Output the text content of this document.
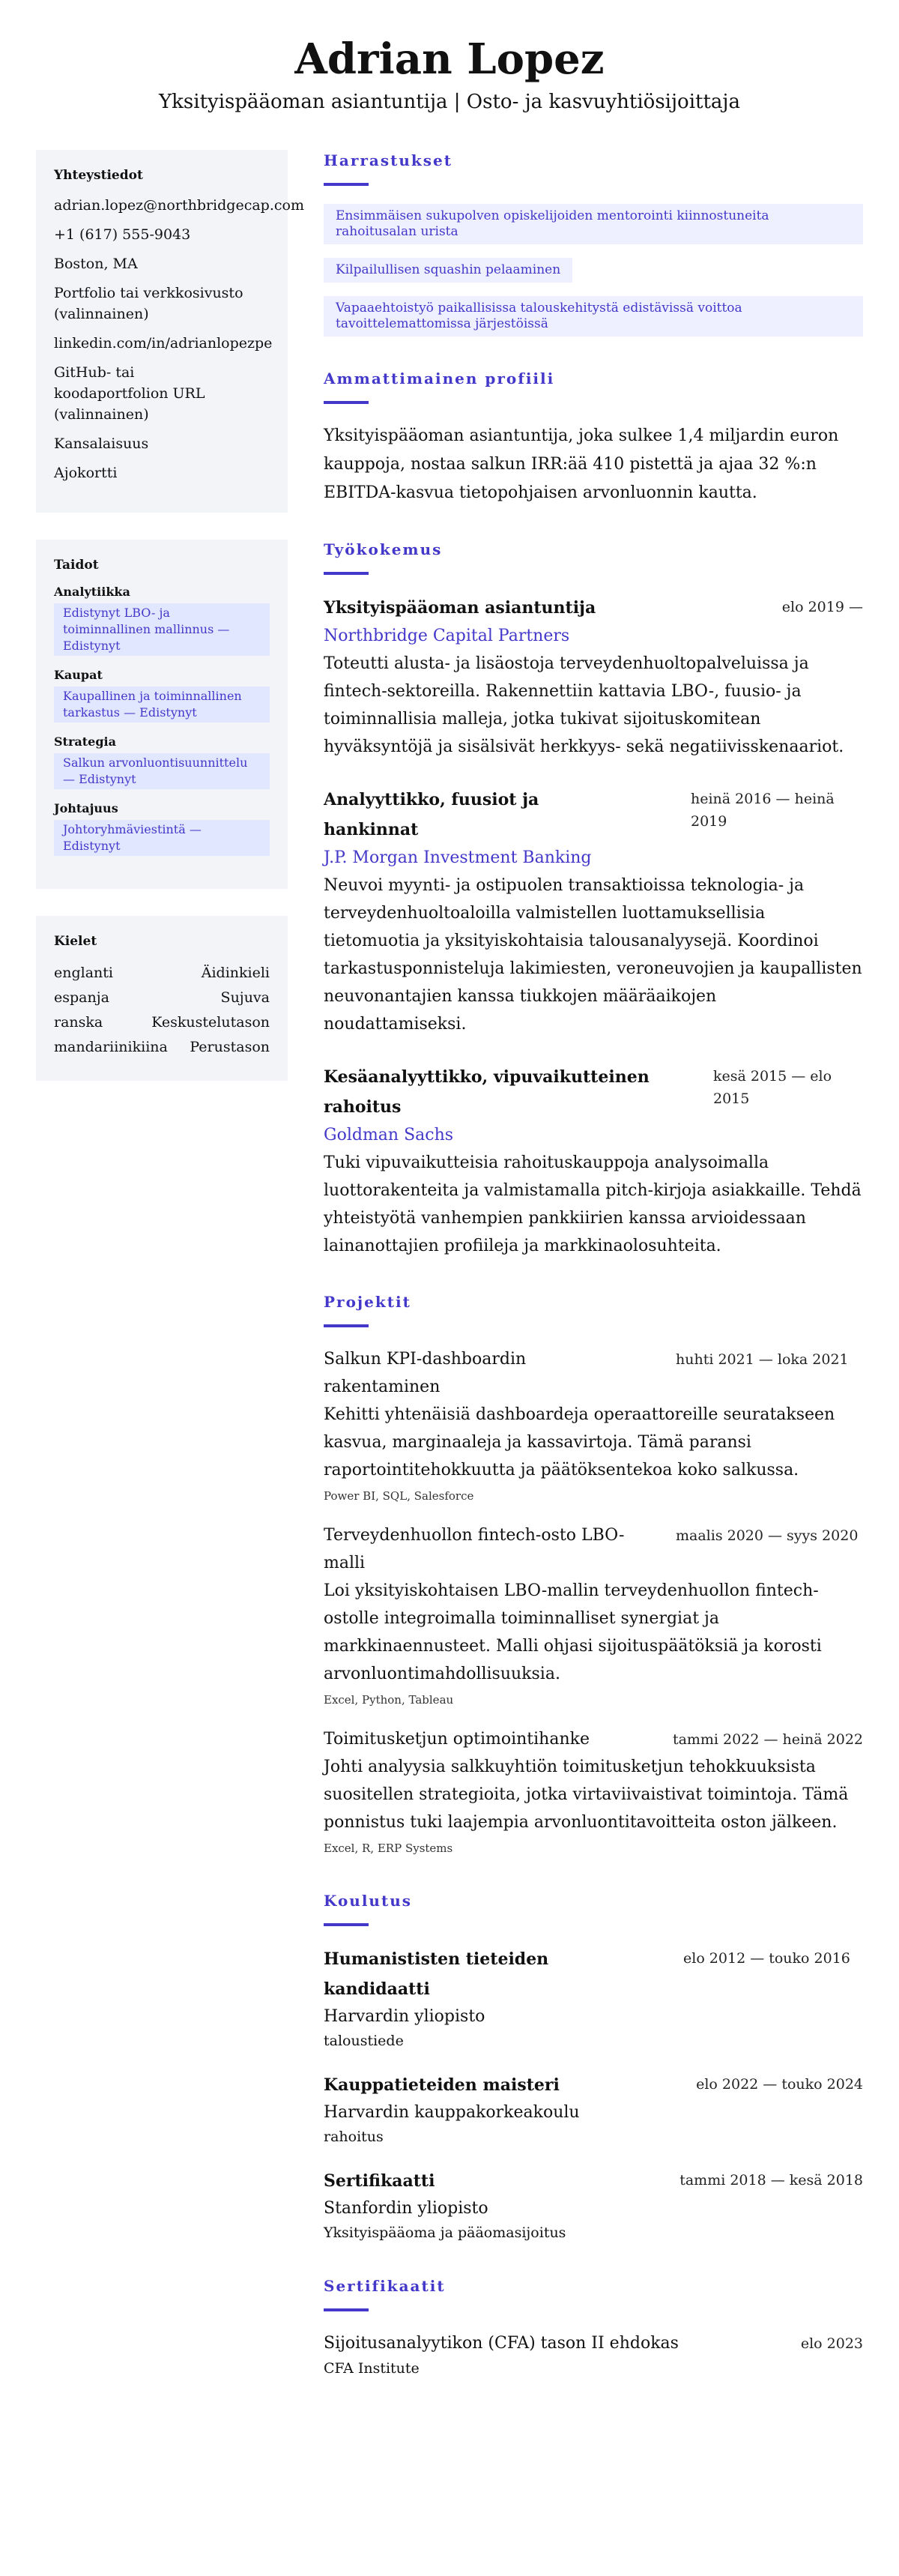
Adrian Lopez
Yksityispääoman asiantuntija | Osto- ja kasvuyhtiösijoittaja
Yhteystiedot
adrian.lopez@northbridgecap.com
+1 (617) 555-9043
Boston, MA
Portfolio tai verkkosivusto (valinnainen)
linkedin.com/in/adrianlopezpe
GitHub- tai koodaportfolion URL (valinnainen)
Kansalaisuus
Ajokortti
Taidot
Analytiikka
Edistynyt LBO- ja toiminnallinen mallinnus — Edistynyt
Kaupat
Kaupallinen ja toiminnallinen tarkastus — Edistynyt
Strategia
Salkun arvonluontisuunnittelu — Edistynyt
Johtajuus
Johtoryhmäviestintä — Edistynyt
Kielet
englanti	Äidinkieli
espanja	Sujuva
ranska	Keskustelutason
mandariinikiina Perustason
Harrastukset
Ensimmäisen sukupolven opiskelijoiden mentorointi kiinnostuneita rahoitusalan urista
Kilpailullisen squashin pelaaminen
Vapaaehtoistyö paikallisissa talouskehitystä edistävissä voittoa tavoittelemattomissa järjestöissä
Ammattimainen profiili

Yksityispääoman asiantuntija, joka sulkee 1,4 miljardin euron kauppoja, nostaa salkun IRR:ää 410 pistettä ja ajaa 32 %:n EBITDA-kasvua tietopohjaisen arvonluonnin kautta.

Työkokemus
Yksityispääoman asiantuntija	elo 2019 —
Northbridge Capital Partners

Toteutti alusta- ja lisäostoja terveydenhuoltopalveluissa ja fintech-sektoreilla. Rakennettiin kattavia LBO-, fuusio- ja toiminnallisia malleja, jotka tukivat sijoituskomitean hyväksyntöjä ja sisälsivät herkkyys- sekä negatiivisskenaariot.

Analyyttikko, fuusiot ja hankinnat
heinä 2016 — heinä 2019
J.P. Morgan Investment Banking

Neuvoi myynti- ja ostipuolen transaktioissa teknologia- ja terveydenhuoltoaloilla valmistellen luottamuksellisia tietomuotia ja yksityiskohtaisia talousanalyysejä. Koordinoi tarkastusponnisteluja lakimiesten, veroneuvojien ja kaupallisten neuvonantajien kanssa tiukkojen määräaikojen noudattamiseksi.

Kesäanalyyttikko, vipuvaikutteinen rahoitus
kesä 2015 — elo 2015
Goldman Sachs

Tuki vipuvaikutteisia rahoituskauppoja analysoimalla luottorakenteita ja valmistamalla pitch-kirjoja asiakkaille. Tehdä yhteistyötä vanhempien pankkiirien kanssa arvioidessaan lainanottajien profiileja ja markkinaolosuhteita.

Projektit
Salkun KPI-dashboardin rakentaminen
huhti 2021 — loka 2021

Kehitti yhtenäisiä dashboardeja operaattoreille seuratakseen kasvua, marginaaleja ja kassavirtoja. Tämä paransi raportointitehokkuutta ja päätöksentekoa koko salkussa.

Power BI, SQL, Salesforce
Terveydenhuollon fintech-osto LBO-malli
maalis 2020 — syys 2020

Loi yksityiskohtaisen LBO-mallin terveydenhuollon fintech-ostolle integroimalla toiminnalliset synergiat ja markkinaennusteet. Malli ohjasi sijoituspäätöksiä ja korosti arvonluontimahdollisuuksia.

Excel, Python, Tableau
Toimitusketjun optimointihanke	tammi 2022 — heinä 2022

Johti analyysia salkkuyhtiön toimitusketjun tehokkuuksista suositellen strategioita, jotka virtaviivaistivat toimintoja. Tämä ponnistus tuki laajempia arvonluontitavoitteita oston jälkeen.

Excel, R, ERP Systems
Koulutus
Humanististen tieteiden kandidaatti
elo 2012 — touko 2016
Harvardin yliopisto
taloustiede
Kauppatieteiden maisteri	elo 2022 — touko 2024
Harvardin kauppakorkeakoulu
rahoitus
Sertifikaatti	tammi 2018 — kesä 2018
Stanfordin yliopisto
Yksityispääoma ja pääomasijoitus
Sertifikaatit
Sijoitusanalyytikon (CFA) tason II ehdokas	elo 2023
CFA Institute
